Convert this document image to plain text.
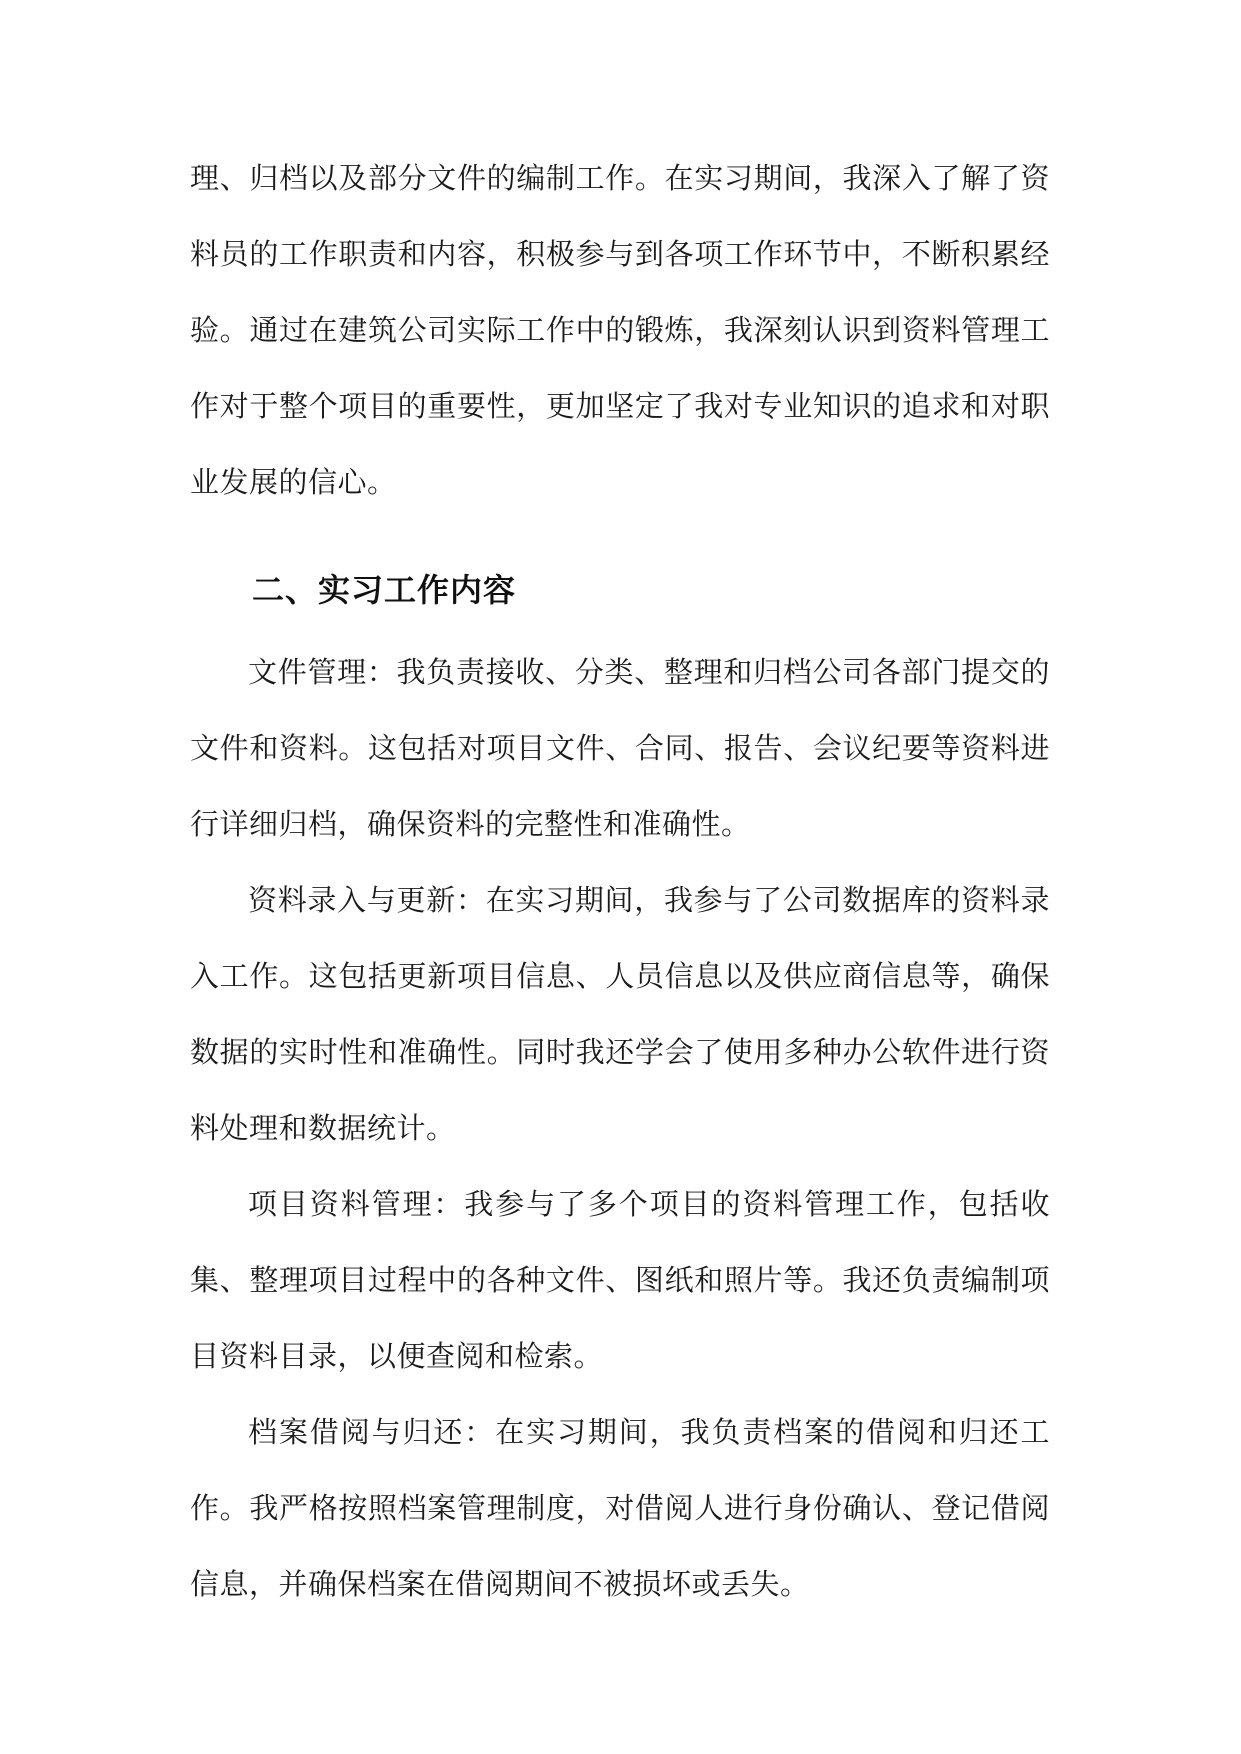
理、归档以及部分文件的编制工作。在实习期间，我深入了解了资料员的工作职责和内容，积极参与到各项工作环节中，不断积累经验。通过在建筑公司实际工作中的锻炼，我深刻认识到资料管理工作对于整个项目的重要性，更加坚定了我对专业知识的追求和对职业发展的信心。

二、实习工作内容

文件管理：我负责接收、分类、整理和归档公司各部门提交的文件和资料。这包括对项目文件、合同、报告、会议纪要等资料进行详细归档，确保资料的完整性和准确性。

资料录入与更新：在实习期间，我参与了公司数据库的资料录入工作。这包括更新项目信息、人员信息以及供应商信息等，确保数据的实时性和准确性。同时我还学会了使用多种办公软件进行资料处理和数据统计。

项目资料管理：我参与了多个项目的资料管理工作，包括收集、整理项目过程中的各种文件、图纸和照片等。我还负责编制项目资料目录，以便查阅和检索。

档案借阅与归还：在实习期间，我负责档案的借阅和归还工作。我严格按照档案管理制度，对借阅人进行身份确认、登记借阅信息，并确保档案在借阅期间不被损坏或丢失。
